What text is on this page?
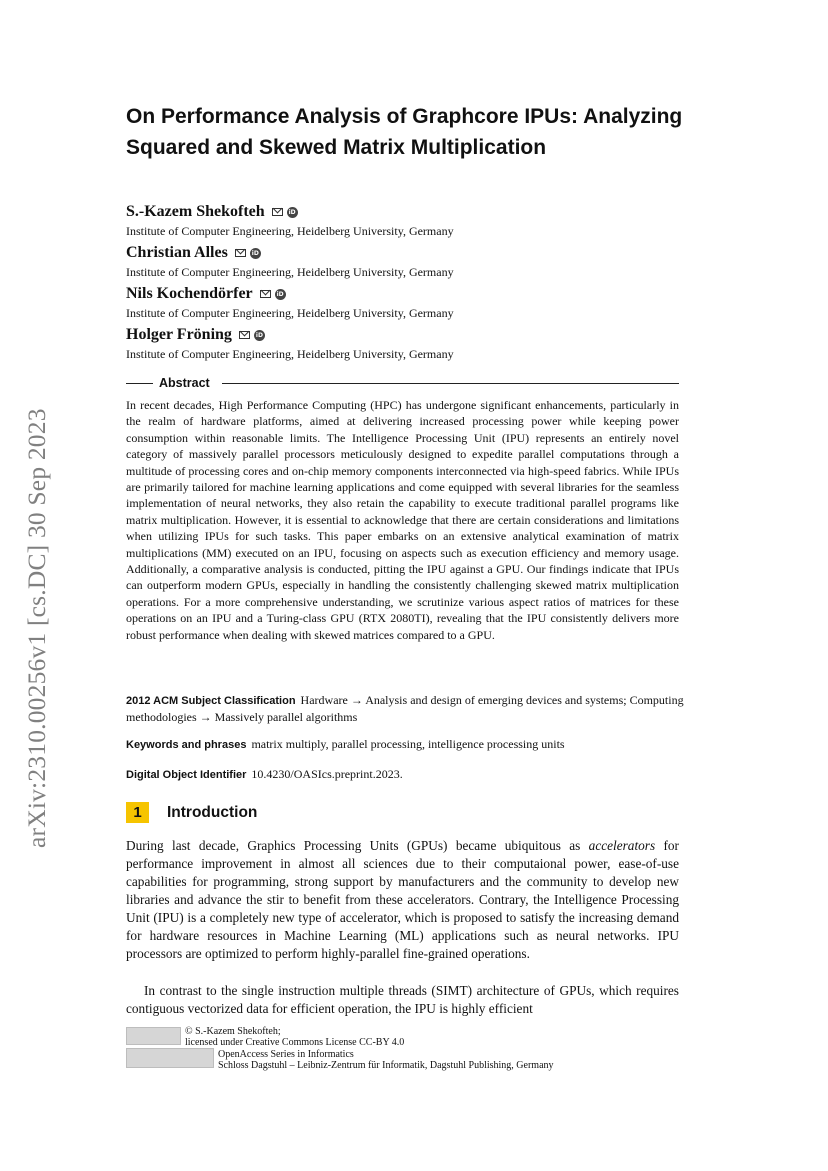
arXiv:2310.00256v1 [cs.DC] 30 Sep 2023
On Performance Analysis of Graphcore IPUs: Analyzing Squared and Skewed Matrix Multiplication
S.-Kazem Shekofteh	iD
Institute of Computer Engineering, Heidelberg University, Germany
Christian Alles	iD
Institute of Computer Engineering, Heidelberg University, Germany
Nils Kochendörfer	iD
Institute of Computer Engineering, Heidelberg University, Germany
Holger Fröning	iD
Institute of Computer Engineering, Heidelberg University, Germany
Abstract

In recent decades, High Performance Computing (HPC) has undergone significant enhancements, particularly in the realm of hardware platforms, aimed at delivering increased processing power while keeping power consumption within reasonable limits. The Intelligence Processing Unit (IPU) represents an entirely novel category of massively parallel processors meticulously designed to expedite parallel computations through a multitude of processing cores and on-chip memory components interconnected via high-speed fabrics. While IPUs are primarily tailored for machine learning applications and come equipped with several libraries for the seamless implementation of neural networks, they also retain the capability to execute traditional parallel programs like matrix multiplication. However, it is essential to acknowledge that there are certain considerations and limitations when utilizing IPUs for such tasks. This paper embarks on an extensive analytical examination of matrix multiplications (MM) executed on an IPU, focusing on aspects such as execution efficiency and memory usage. Additionally, a comparative analysis is conducted, pitting the IPU against a GPU. Our findings indicate that IPUs can outperform modern GPUs, especially in handling the consistently challenging skewed matrix multiplication operations. For a more comprehensive understanding, we scrutinize various aspect ratios of matrices for these operations on an IPU and a Turing-class GPU (RTX 2080TI), revealing that the IPU consistently delivers more robust performance when dealing with skewed matrices compared to a GPU.

2012 ACM Subject Classification Hardware → Analysis and design of emerging devices and systems; Computing methodologies → Massively parallel algorithms
Keywords and phrases matrix multiply, parallel processing, intelligence processing units
Digital Object Identifier 10.4230/OASIcs.preprint.2023.
1	Introduction

During last decade, Graphics Processing Units (GPUs) became ubiquitous as accelerators for performance improvement in almost all sciences due to their computaional power, ease-of-use capabilities for programming, strong support by manufacturers and the community to develop new libraries and advance the stir to benefit from these accelerators. Contrary, the Intelligence Processing Unit (IPU) is a completely new type of accelerator, which is proposed to satisfy the increasing demand for hardware resources in Machine Learning (ML) applications such as neural networks. IPU processors are optimized to perform highly-parallel fine-grained operations.

In contrast to the single instruction multiple threads (SIMT) architecture of GPUs, which requires contiguous vectorized data for efficient operation, the IPU is highly efficient

© S.-Kazem Shekofteh;
licensed under Creative Commons License CC-BY 4.0
OpenAccess Series in Informatics
Schloss Dagstuhl – Leibniz-Zentrum für Informatik, Dagstuhl Publishing, Germany
